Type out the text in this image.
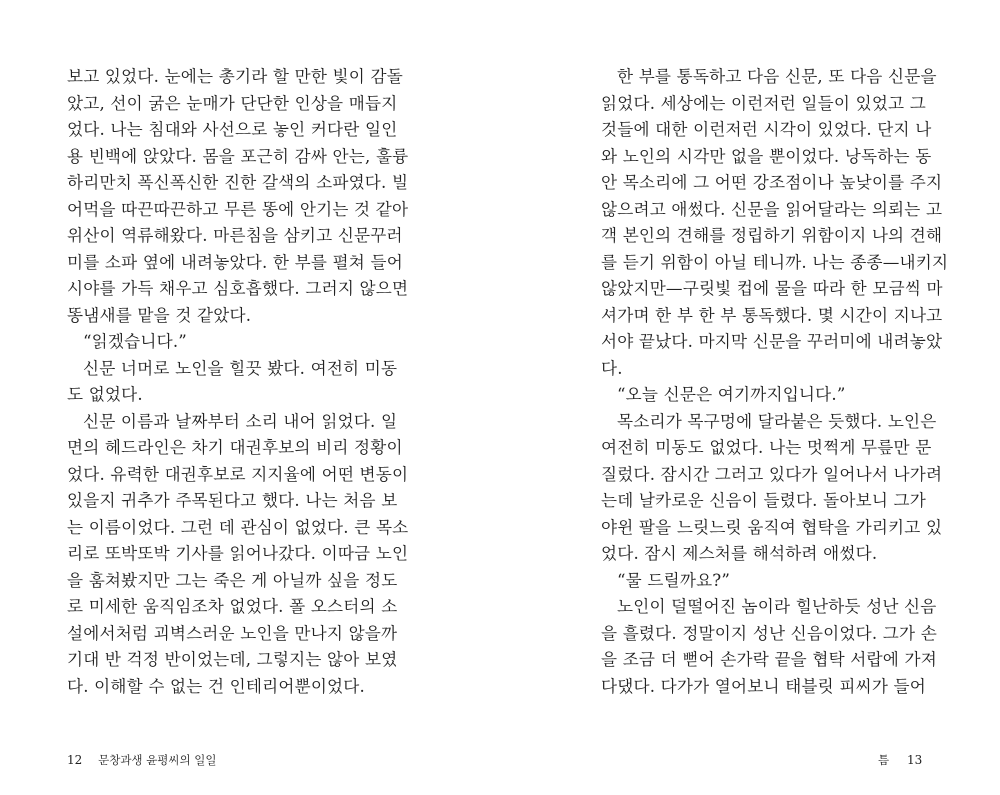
보고 있었다. 눈에는 총기라 할 만한 빛이 감돌
았고, 선이 굵은 눈매가 단단한 인상을 매듭지
었다. 나는 침대와 사선으로 놓인 커다란 일인
용 빈백에 앉았다. 몸을 포근히 감싸 안는, 훌륭
하리만치 폭신폭신한 진한 갈색의 소파였다. 빌
어먹을 따끈따끈하고 무른 똥에 안기는 것 같아
위산이 역류해왔다. 마른침을 삼키고 신문꾸러
미를 소파 옆에 내려놓았다. 한 부를 펼쳐 들어
시야를 가득 채우고 심호흡했다. 그러지 않으면
똥냄새를 맡을 것 같았다.
“읽겠습니다.”
신문 너머로 노인을 힐끗 봤다. 여전히 미동
도 없었다.
신문 이름과 날짜부터 소리 내어 읽었다. 일
면의 헤드라인은 차기 대권후보의 비리 정황이
었다. 유력한 대권후보로 지지율에 어떤 변동이
있을지 귀추가 주목된다고 했다. 나는 처음 보
는 이름이었다. 그런 데 관심이 없었다. 큰 목소
리로 또박또박 기사를 읽어나갔다. 이따금 노인
을 훔쳐봤지만 그는 죽은 게 아닐까 싶을 정도
로 미세한 움직임조차 없었다. 폴 오스터의 소
설에서처럼 괴벽스러운 노인을 만나지 않을까
기대 반 걱정 반이었는데, 그렇지는 않아 보였
다. 이해할 수 없는 건 인테리어뿐이었다.
한 부를 통독하고 다음 신문, 또 다음 신문을
읽었다. 세상에는 이런저런 일들이 있었고 그
것들에 대한 이런저런 시각이 있었다. 단지 나
와 노인의 시각만 없을 뿐이었다. 낭독하는 동
안 목소리에 그 어떤 강조점이나 높낮이를 주지
않으려고 애썼다. 신문을 읽어달라는 의뢰는 고
객 본인의 견해를 정립하기 위함이지 나의 견해
를 듣기 위함이 아닐 테니까. 나는 종종—내키지
않았지만—구릿빛 컵에 물을 따라 한 모금씩 마
셔가며 한 부 한 부 통독했다. 몇 시간이 지나고
서야 끝났다. 마지막 신문을 꾸러미에 내려놓았
다.
“오늘 신문은 여기까지입니다.”
목소리가 목구멍에 달라붙은 듯했다. 노인은
여전히 미동도 없었다. 나는 멋쩍게 무릎만 문
질렀다. 잠시간 그러고 있다가 일어나서 나가려
는데 날카로운 신음이 들렸다. 돌아보니 그가
야윈 팔을 느릿느릿 움직여 협탁을 가리키고 있
었다. 잠시 제스처를 해석하려 애썼다.
“물 드릴까요?”
노인이 덜떨어진 놈이라 힐난하듯 성난 신음
을 흘렸다. 정말이지 성난 신음이었다. 그가 손
을 조금 더 뻗어 손가락 끝을 협탁 서랍에 가져
다댔다. 다가가 열어보니 태블릿 피씨가 들어
12 문창과생 윤평씨의 일일	틈 13
